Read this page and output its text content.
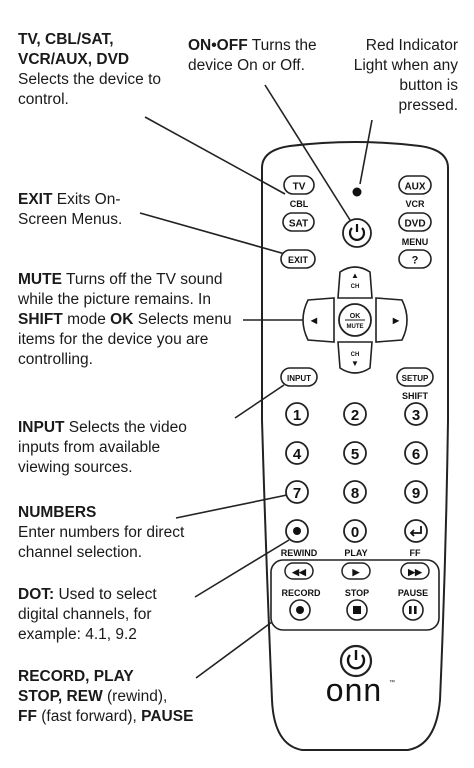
TV
CBL
SAT
AUX
VCR
DVD
MENU
?
EXIT
▲
CH
CH
▼
◀	▶
OK
MUTE
INPUT	SETUP
SHIFT
1	2	3
4	5	6
7	8	9
0
REWIND	PLAY	FF
◀◀	▶	▶▶
RECORD	STOP	PAUSE
onn ™
TV, CBL/SAT, VCR/AUX, DVD
Selects the device to control.
ON•OFF Turns the device On or Off.
Red Indicator Light when any button is pressed.
EXIT Exits On-Screen Menus.
MUTE Turns off the TV sound while the picture remains. In SHIFT mode OK Selects menu items for the device you are controlling.
INPUT Selects the video inputs from available viewing sources.
NUMBERS
Enter numbers for direct channel selection.
DOT: Used to select digital channels, for example: 4.1, 9.2
RECORD, PLAY
STOP, REW (rewind),
FF (fast forward), PAUSE
